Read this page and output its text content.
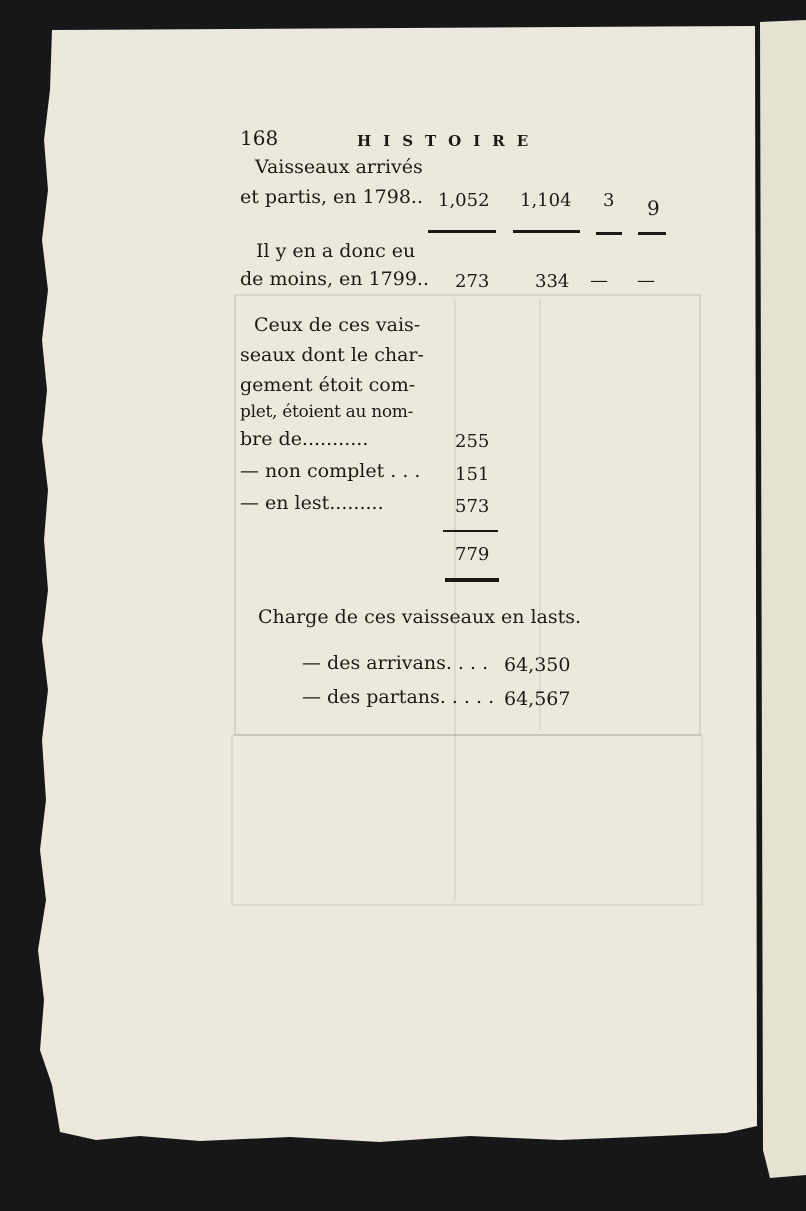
168	HISTOIRE
Vaisseaux arrivés
et partis, en 1798.. 1,052 1,104 3 9
Il y en a donc eu
de moins, en 1799.. 273	334 — —
Ceux de ces vais-
seaux dont le char-
gement étoit com-
plet, étoient au nom-
bre de...........	255
— non complet . . . 151
— en lest.........	573
779
Charge de ces vaisseaux en lasts.
— des arrivans. . . . 64,350
— des partans. . . . . 64,567
